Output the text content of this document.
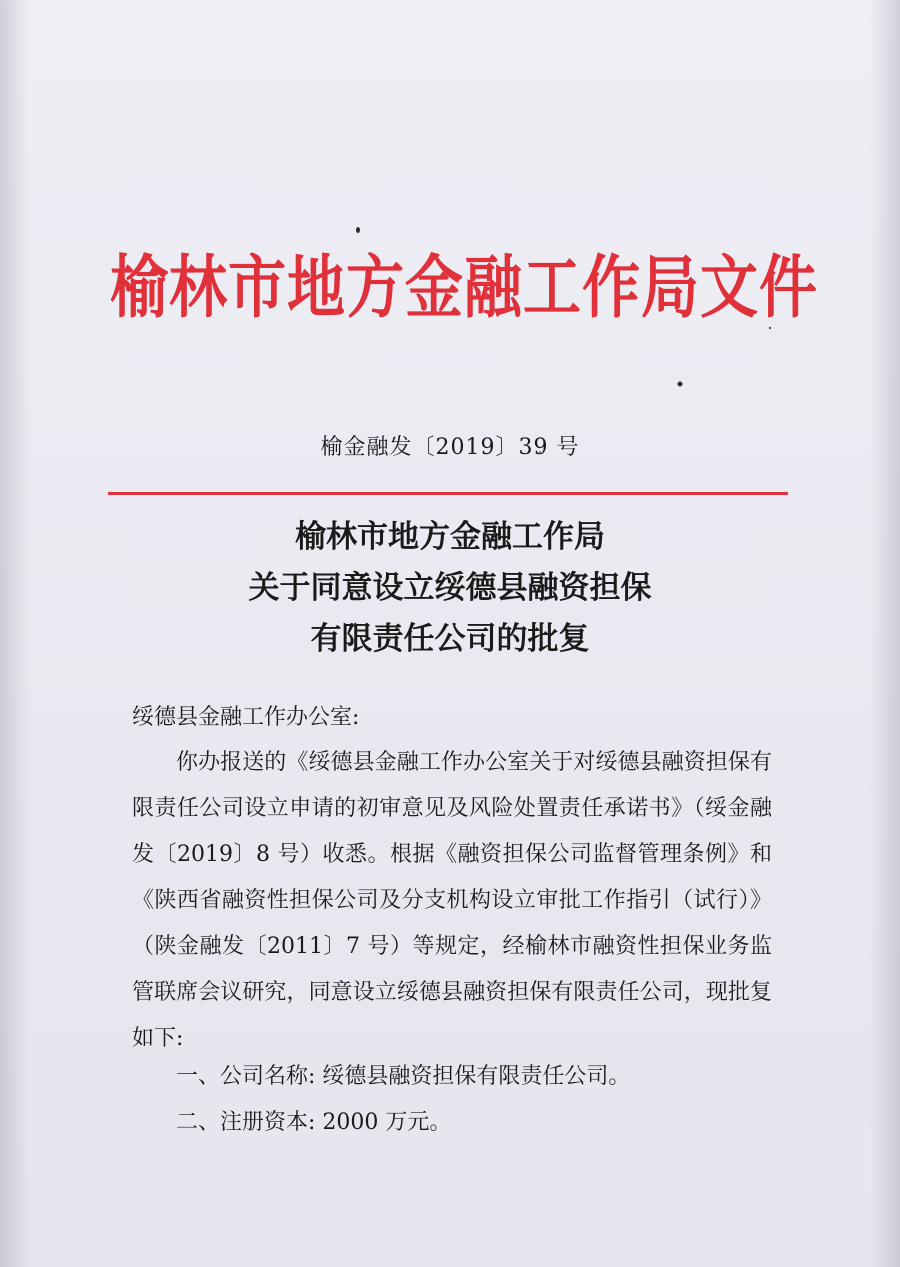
榆林市地方金融工作局文件
榆金融发〔2019〕39 号
榆林市地方金融工作局
关于同意设立绥德县融资担保
有限责任公司的批复
绥德县金融工作办公室:

你办报送的《绥德县金融工作办公室关于对绥德县融资担保有限责任公司设立申请的初审意见及风险处置责任承诺书》（绥金融发〔2019〕8 号）收悉。根据《融资担保公司监督管理条例》和《陕西省融资性担保公司及分支机构设立审批工作指引（试行）》（陕金融发〔2011〕7 号）等规定，经榆林市融资性担保业务监管联席会议研究，同意设立绥德县融资担保有限责任公司，现批复如下:

一、公司名称: 绥德县融资担保有限责任公司。
二、注册资本: 2000 万元。
